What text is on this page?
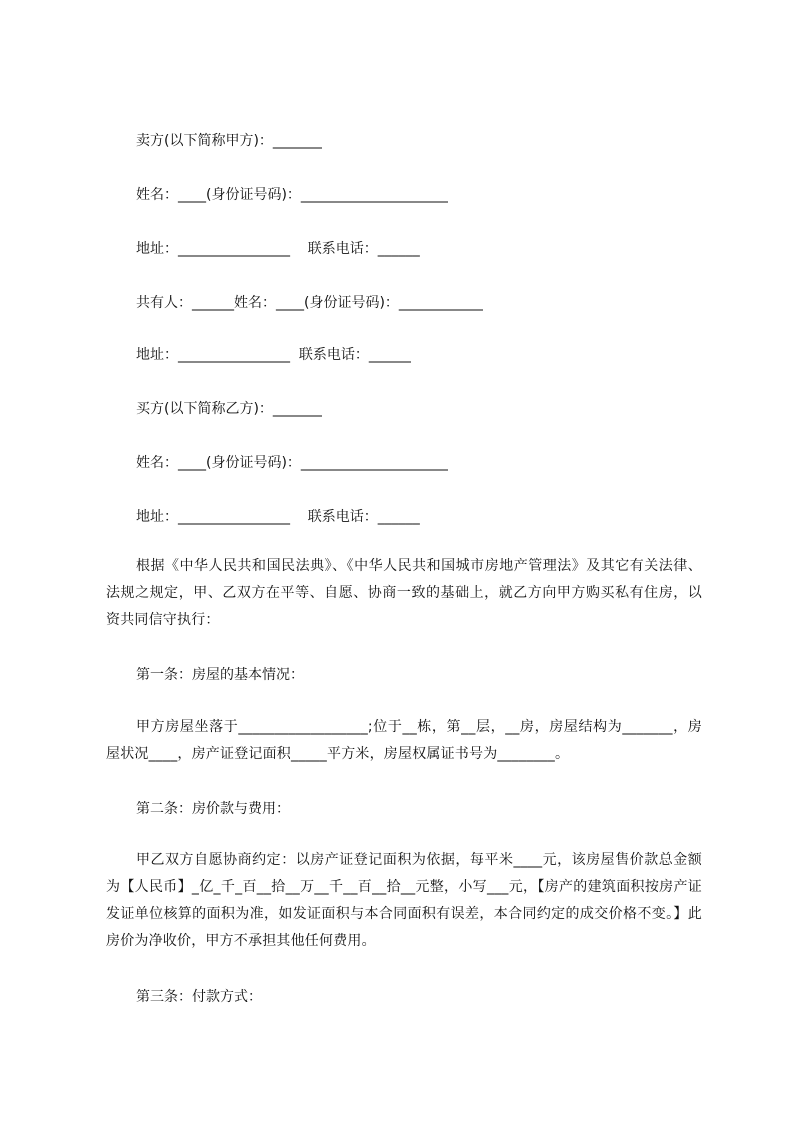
卖方(以下简称甲方)：_______

姓名：____(身份证号码)：_____________________

地址：________________    联系电话：______

共有人：______姓名：____(身份证号码)：____________

地址：________________  联系电话：______

买方(以下简称乙方)：_______

姓名：____(身份证号码)：_____________________

地址：________________    联系电话：______

根据《中华人民共和国民法典》、《中华人民共和国城市房地产管理法》及其它有关法律、法规之规定，甲、乙双方在平等、自愿、协商一致的基础上，就乙方向甲方购买私有住房，以资共同信守执行：

第一条：房屋的基本情况：

甲方房屋坐落于__________________;位于__栋，第__层，__房，房屋结构为_______，房屋状况____，房产证登记面积_____平方米，房屋权属证书号为________。

第二条：房价款与费用：

甲乙双方自愿协商约定：以房产证登记面积为依据，每平米____元，该房屋售价款总金额为【人民币】_亿_千_百__拾__万__千__百__拾__元整，小写___元，【房产的建筑面积按房产证发证单位核算的面积为准，如发证面积与本合同面积有误差，本合同约定的成交价格不变。】此房价为净收价，甲方不承担其他任何费用。

第三条：付款方式：
